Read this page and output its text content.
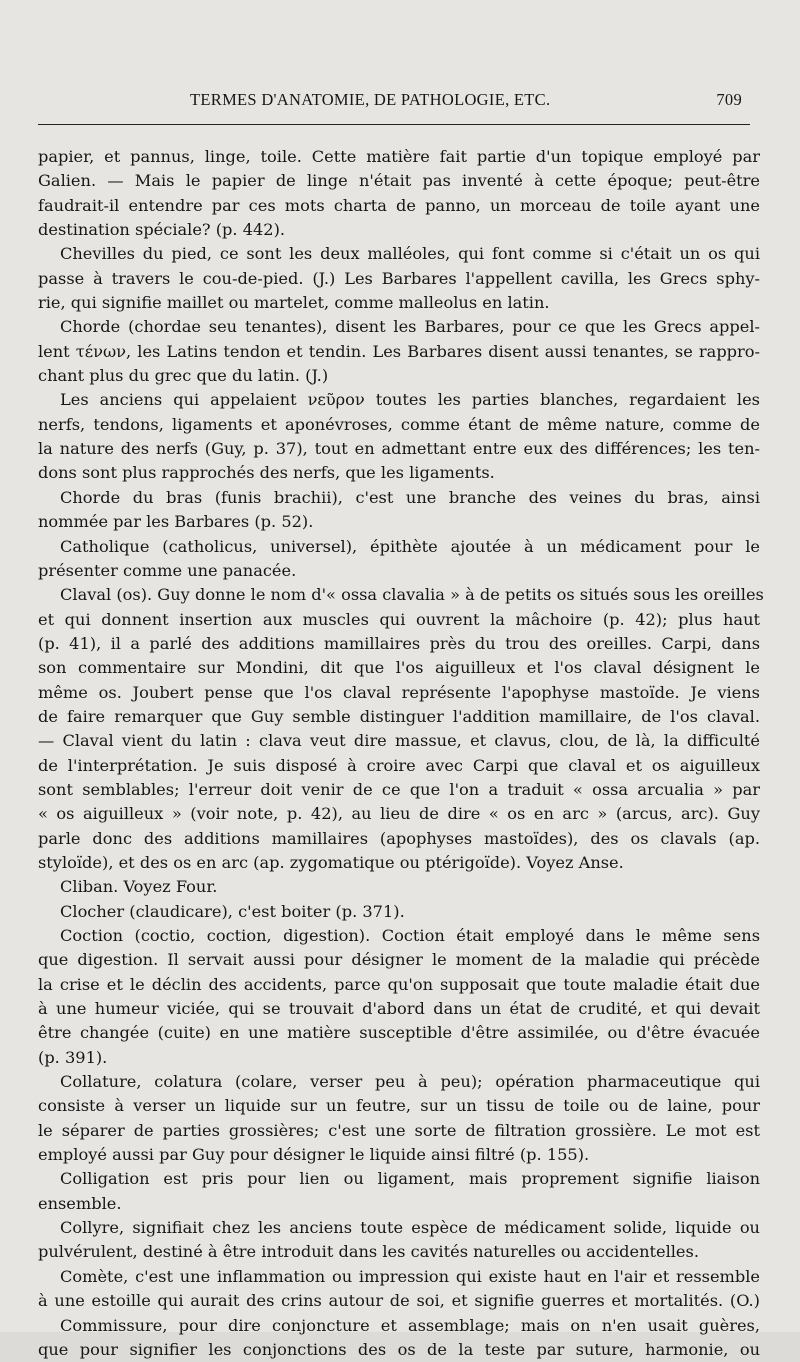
TERMES D'ANATOMIE, DE PATHOLOGIE, ETC.	709
papier, et pannus, linge, toile. Cette matière fait partie d'un topique employé par
Galien. — Mais le papier de linge n'était pas inventé à cette époque; peut-être
faudrait-il entendre par ces mots charta de panno, un morceau de toile ayant une
destination spéciale? (p. 442).
Chevilles du pied, ce sont les deux malléoles, qui font comme si c'était un os qui
passe à travers le cou-de-pied. (J.) Les Barbares l'appellent cavilla, les Grecs sphy-
rie, qui signifie maillet ou martelet, comme malleolus en latin.
Chorde (chordae seu tenantes), disent les Barbares, pour ce que les Grecs appel-
lent τένων, les Latins tendon et tendin. Les Barbares disent aussi tenantes, se rappro-
chant plus du grec que du latin. (J.)
Les anciens qui appelaient νεῦρον toutes les parties blanches, regardaient les
nerfs, tendons, ligaments et aponévroses, comme étant de même nature, comme de
la nature des nerfs (Guy, p. 37), tout en admettant entre eux des différences; les ten-
dons sont plus rapprochés des nerfs, que les ligaments.
Chorde du bras (funis brachii), c'est une branche des veines du bras, ainsi
nommée par les Barbares (p. 52).
Catholique (catholicus, universel), épithète ajoutée à un médicament pour le
présenter comme une panacée.
Claval (os). Guy donne le nom d'« ossa clavalia » à de petits os situés sous les oreilles
et qui donnent insertion aux muscles qui ouvrent la mâchoire (p. 42); plus haut
(p. 41), il a parlé des additions mamillaires près du trou des oreilles. Carpi, dans
son commentaire sur Mondini, dit que l'os aiguilleux et l'os claval désignent le
même os. Joubert pense que l'os claval représente l'apophyse mastoïde. Je viens
de faire remarquer que Guy semble distinguer l'addition mamillaire, de l'os claval.
— Claval vient du latin : clava veut dire massue, et clavus, clou, de là, la difficulté
de l'interprétation. Je suis disposé à croire avec Carpi que claval et os aiguilleux
sont semblables; l'erreur doit venir de ce que l'on a traduit « ossa arcualia » par
« os aiguilleux » (voir note, p. 42), au lieu de dire « os en arc » (arcus, arc). Guy
parle donc des additions mamillaires (apophyses mastoïdes), des os clavals (ap.
styloïde), et des os en arc (ap. zygomatique ou ptérigoïde). Voyez Anse.
Cliban. Voyez Four.
Clocher (claudicare), c'est boiter (p. 371).
Coction (coctio, coction, digestion). Coction était employé dans le même sens
que digestion. Il servait aussi pour désigner le moment de la maladie qui précède
la crise et le déclin des accidents, parce qu'on supposait que toute maladie était due
à une humeur viciée, qui se trouvait d'abord dans un état de crudité, et qui devait
être changée (cuite) en une matière susceptible d'être assimilée, ou d'être évacuée
(p. 391).
Collature, colatura (colare, verser peu à peu); opération pharmaceutique qui
consiste à verser un liquide sur un feutre, sur un tissu de toile ou de laine, pour
le séparer de parties grossières; c'est une sorte de filtration grossière. Le mot est
employé aussi par Guy pour désigner le liquide ainsi filtré (p. 155).
Colligation est pris pour lien ou ligament, mais proprement signifie liaison
ensemble.
Collyre, signifiait chez les anciens toute espèce de médicament solide, liquide ou
pulvérulent, destiné à être introduit dans les cavités naturelles ou accidentelles.
Comète, c'est une inflammation ou impression qui existe haut en l'air et ressemble
à une estoille qui aurait des crins autour de soi, et signifie guerres et mortalités. (O.)
Commissure, pour dire conjoncture et assemblage; mais on n'en usait guères,
que pour signifier les conjonctions des os de la teste par suture, harmonie, ou
